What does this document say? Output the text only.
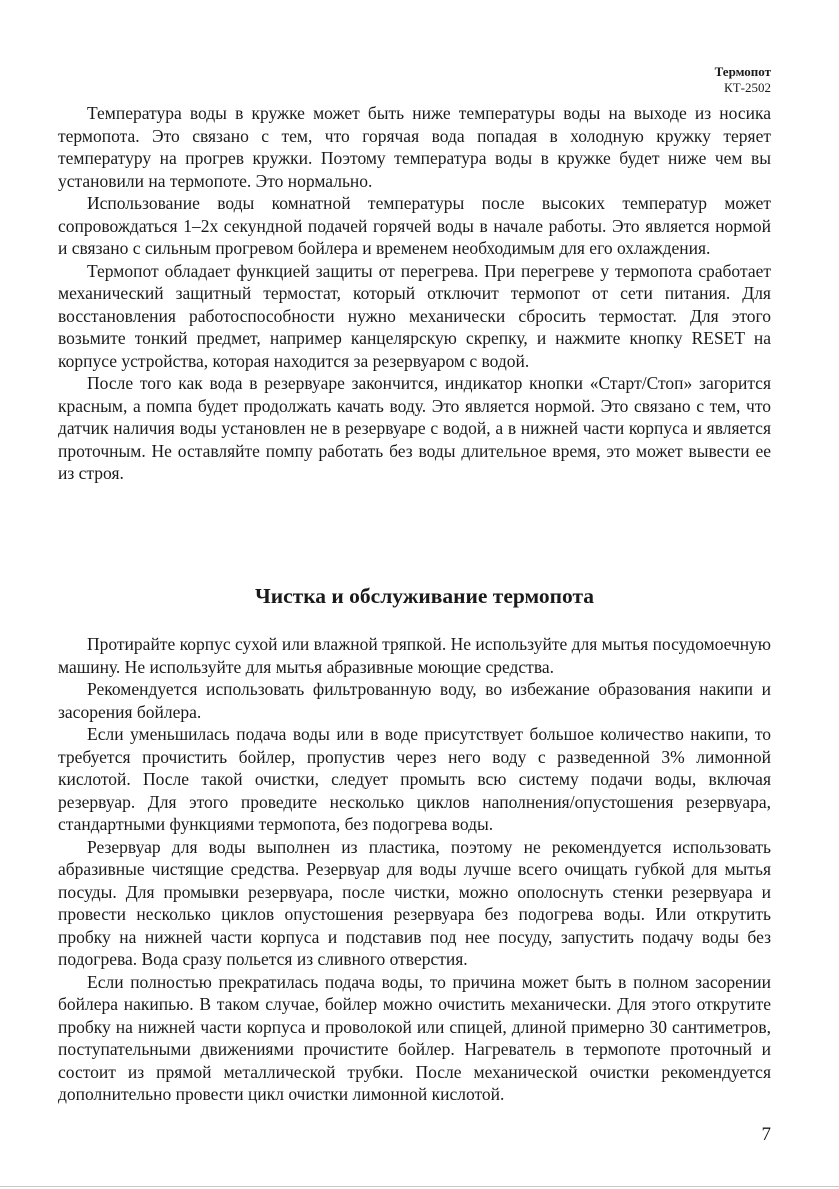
Термопот
КТ-2502

Температура воды в кружке может быть ниже температуры воды на выходе из носика термопота. Это связано с тем, что горячая вода попадая в холодную кружку теряет температуру на прогрев кружки. Поэтому температура воды в кружке будет ниже чем вы установили на термопоте. Это нормально.

Использование воды комнатной температуры после высоких температур может сопровождаться 1–2х секундной подачей горячей воды в начале работы. Это является нормой и связано с сильным прогревом бойлера и временем необходимым для его охлаждения.

Термопот обладает функцией защиты от перегрева. При перегреве у термопота сработает механический защитный термостат, который отключит термопот от сети питания. Для восстановления работоспособности нужно механически сбросить термостат. Для этого возьмите тонкий предмет, например канцелярскую скрепку, и нажмите кнопку RESET на корпусе устройства, которая находится за резервуаром с водой.

После того как вода в резервуаре закончится, индикатор кнопки «Старт/Стоп» загорится красным, а помпа будет продолжать качать воду. Это является нормой. Это связано с тем, что датчик наличия воды установлен не в резервуаре с водой, а в нижней части корпуса и является проточным. Не оставляйте помпу работать без воды длительное время, это может вывести ее из строя.

Чистка и обслуживание термопота

Протирайте корпус сухой или влажной тряпкой. Не используйте для мытья посудомоечную машину. Не используйте для мытья абразивные моющие средства.

Рекомендуется использовать фильтрованную воду, во избежание образования накипи и засорения бойлера.

Если уменьшилась подача воды или в воде присутствует большое количество накипи, то требуется прочистить бойлер, пропустив через него воду с разведенной 3% лимонной кислотой. После такой очистки, следует промыть всю систему подачи воды, включая резервуар. Для этого проведите несколько циклов наполнения/опустошения резервуара, стандартными функциями термопота, без подогрева воды.

Резервуар для воды выполнен из пластика, поэтому не рекомендуется использовать абразивные чистящие средства. Резервуар для воды лучше всего очищать губкой для мытья посуды. Для промывки резервуара, после чистки, можно ополоснуть стенки резервуара и провести несколько циклов опустошения резервуара без подогрева воды. Или открутить пробку на нижней части корпуса и подставив под нее посуду, запустить подачу воды без подогрева. Вода сразу польется из сливного отверстия.

Если полностью прекратилась подача воды, то причина может быть в полном засорении бойлера накипью. В таком случае, бойлер можно очистить механически. Для этого открутите пробку на нижней части корпуса и проволокой или спицей, длиной примерно 30 сантиметров, поступательными движениями прочистите бойлер. Нагреватель в термопоте проточный и состоит из прямой металлической трубки. После механической очистки рекомендуется дополнительно провести цикл очистки лимонной кислотой.

7
